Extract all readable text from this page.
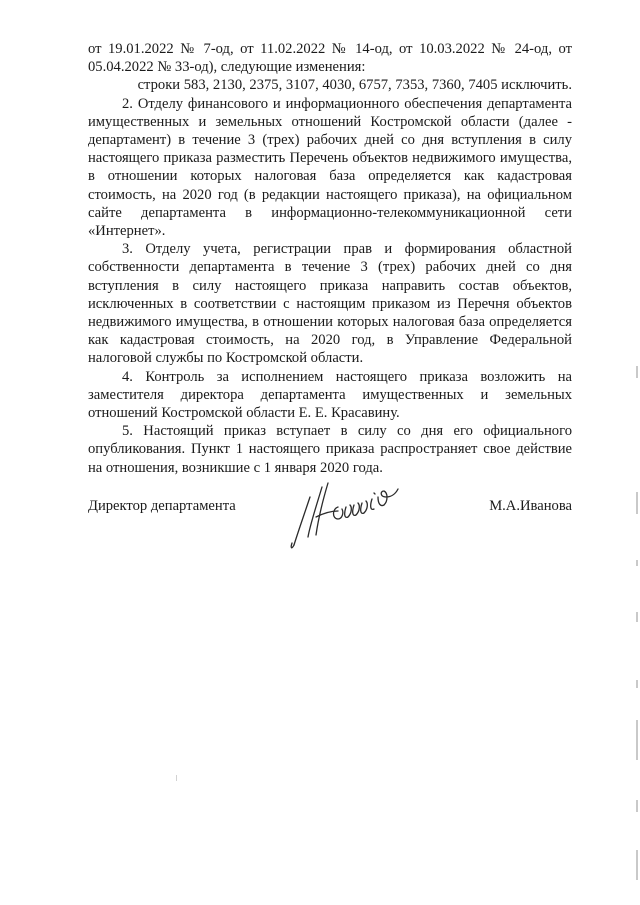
от 19.01.2022 № 7-од, от 11.02.2022 № 14-од, от 10.03.2022 № 24-од, от 05.04.2022 № 33-од), следующие изменения:

строки 583, 2130, 2375, 3107, 4030, 6757, 7353, 7360, 7405 исключить.

2. Отделу финансового и информационного обеспечения департамента имущественных и земельных отношений Костромской области (далее - департамент) в течение 3 (трех) рабочих дней со дня вступления в силу настоящего приказа разместить Перечень объектов недвижимого имущества, в отношении которых налоговая база определяется как кадастровая стоимость, на 2020 год (в редакции настоящего приказа), на официальном сайте департамента в информационно-телекоммуникационной сети «Интернет».

3. Отделу учета, регистрации прав и формирования областной собственности департамента в течение 3 (трех) рабочих дней со дня вступления в силу настоящего приказа направить состав объектов, исключенных в соответствии с настоящим приказом из Перечня объектов недвижимого имущества, в отношении которых налоговая база определяется как кадастровая стоимость, на 2020 год, в Управление Федеральной налоговой службы по Костромской области.

4. Контроль за исполнением настоящего приказа возложить на заместителя директора департамента имущественных и земельных отношений Костромской области Е. Е. Красавину.

5. Настоящий приказ вступает в силу со дня его официального опубликования. Пункт 1 настоящего приказа распространяет свое действие на отношения, возникшие с 1 января 2020 года.

Директор департамента	М.А.Иванова
